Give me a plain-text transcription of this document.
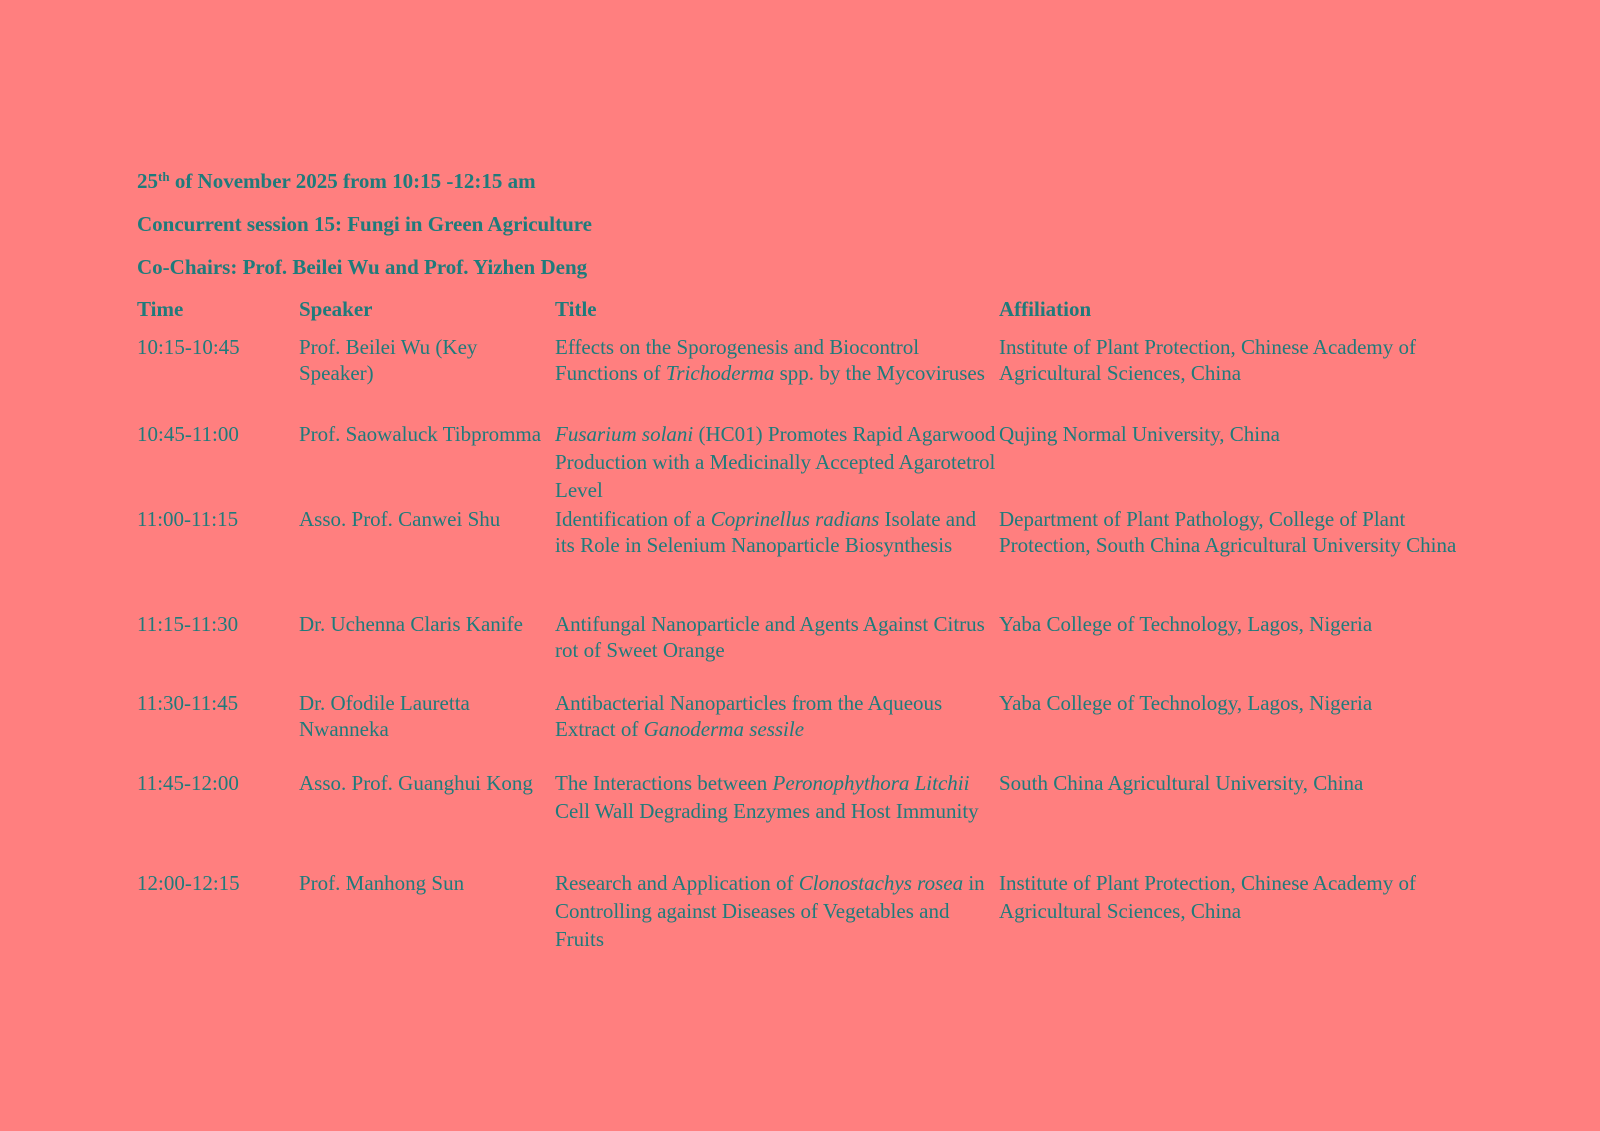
25th of November 2025 from 10:15 -12:15 am

Concurrent session 15: Fungi in Green Agriculture

Co-Chairs: Prof. Beilei Wu and Prof. Yizhen Deng

Time	Speaker	Title	Affiliation
10:15-10:45	Prof. Beilei Wu (Key Speaker)	Effects on the Sporogenesis and Biocontrol Functions of Trichoderma spp. by the Mycoviruses	Institute of Plant Protection, Chinese Academy of Agricultural Sciences, China
10:45-11:00	Prof. Saowaluck Tibpromma	Fusarium solani (HC01) Promotes Rapid Agarwood Production with a Medicinally Accepted Agarotetrol Level	Qujing Normal University, China
11:00-11:15	Asso. Prof. Canwei Shu	Identification of a Coprinellus radians Isolate and its Role in Selenium Nanoparticle Biosynthesis	Department of Plant Pathology, College of Plant Protection, South China Agricultural University China
11:15-11:30	Dr. Uchenna Claris Kanife	Antifungal Nanoparticle and Agents Against Citrus rot of Sweet Orange	Yaba College of Technology, Lagos, Nigeria
11:30-11:45	Dr. Ofodile Lauretta Nwanneka	Antibacterial Nanoparticles from the Aqueous Extract of Ganoderma sessile	Yaba College of Technology, Lagos, Nigeria
11:45-12:00	Asso. Prof. Guanghui Kong	The Interactions between Peronophythora Litchii Cell Wall Degrading Enzymes and Host Immunity	South China Agricultural University, China
12:00-12:15	Prof. Manhong Sun	Research and Application of Clonostachys rosea in Controlling against Diseases of Vegetables and Fruits	Institute of Plant Protection, Chinese Academy of Agricultural Sciences, China
